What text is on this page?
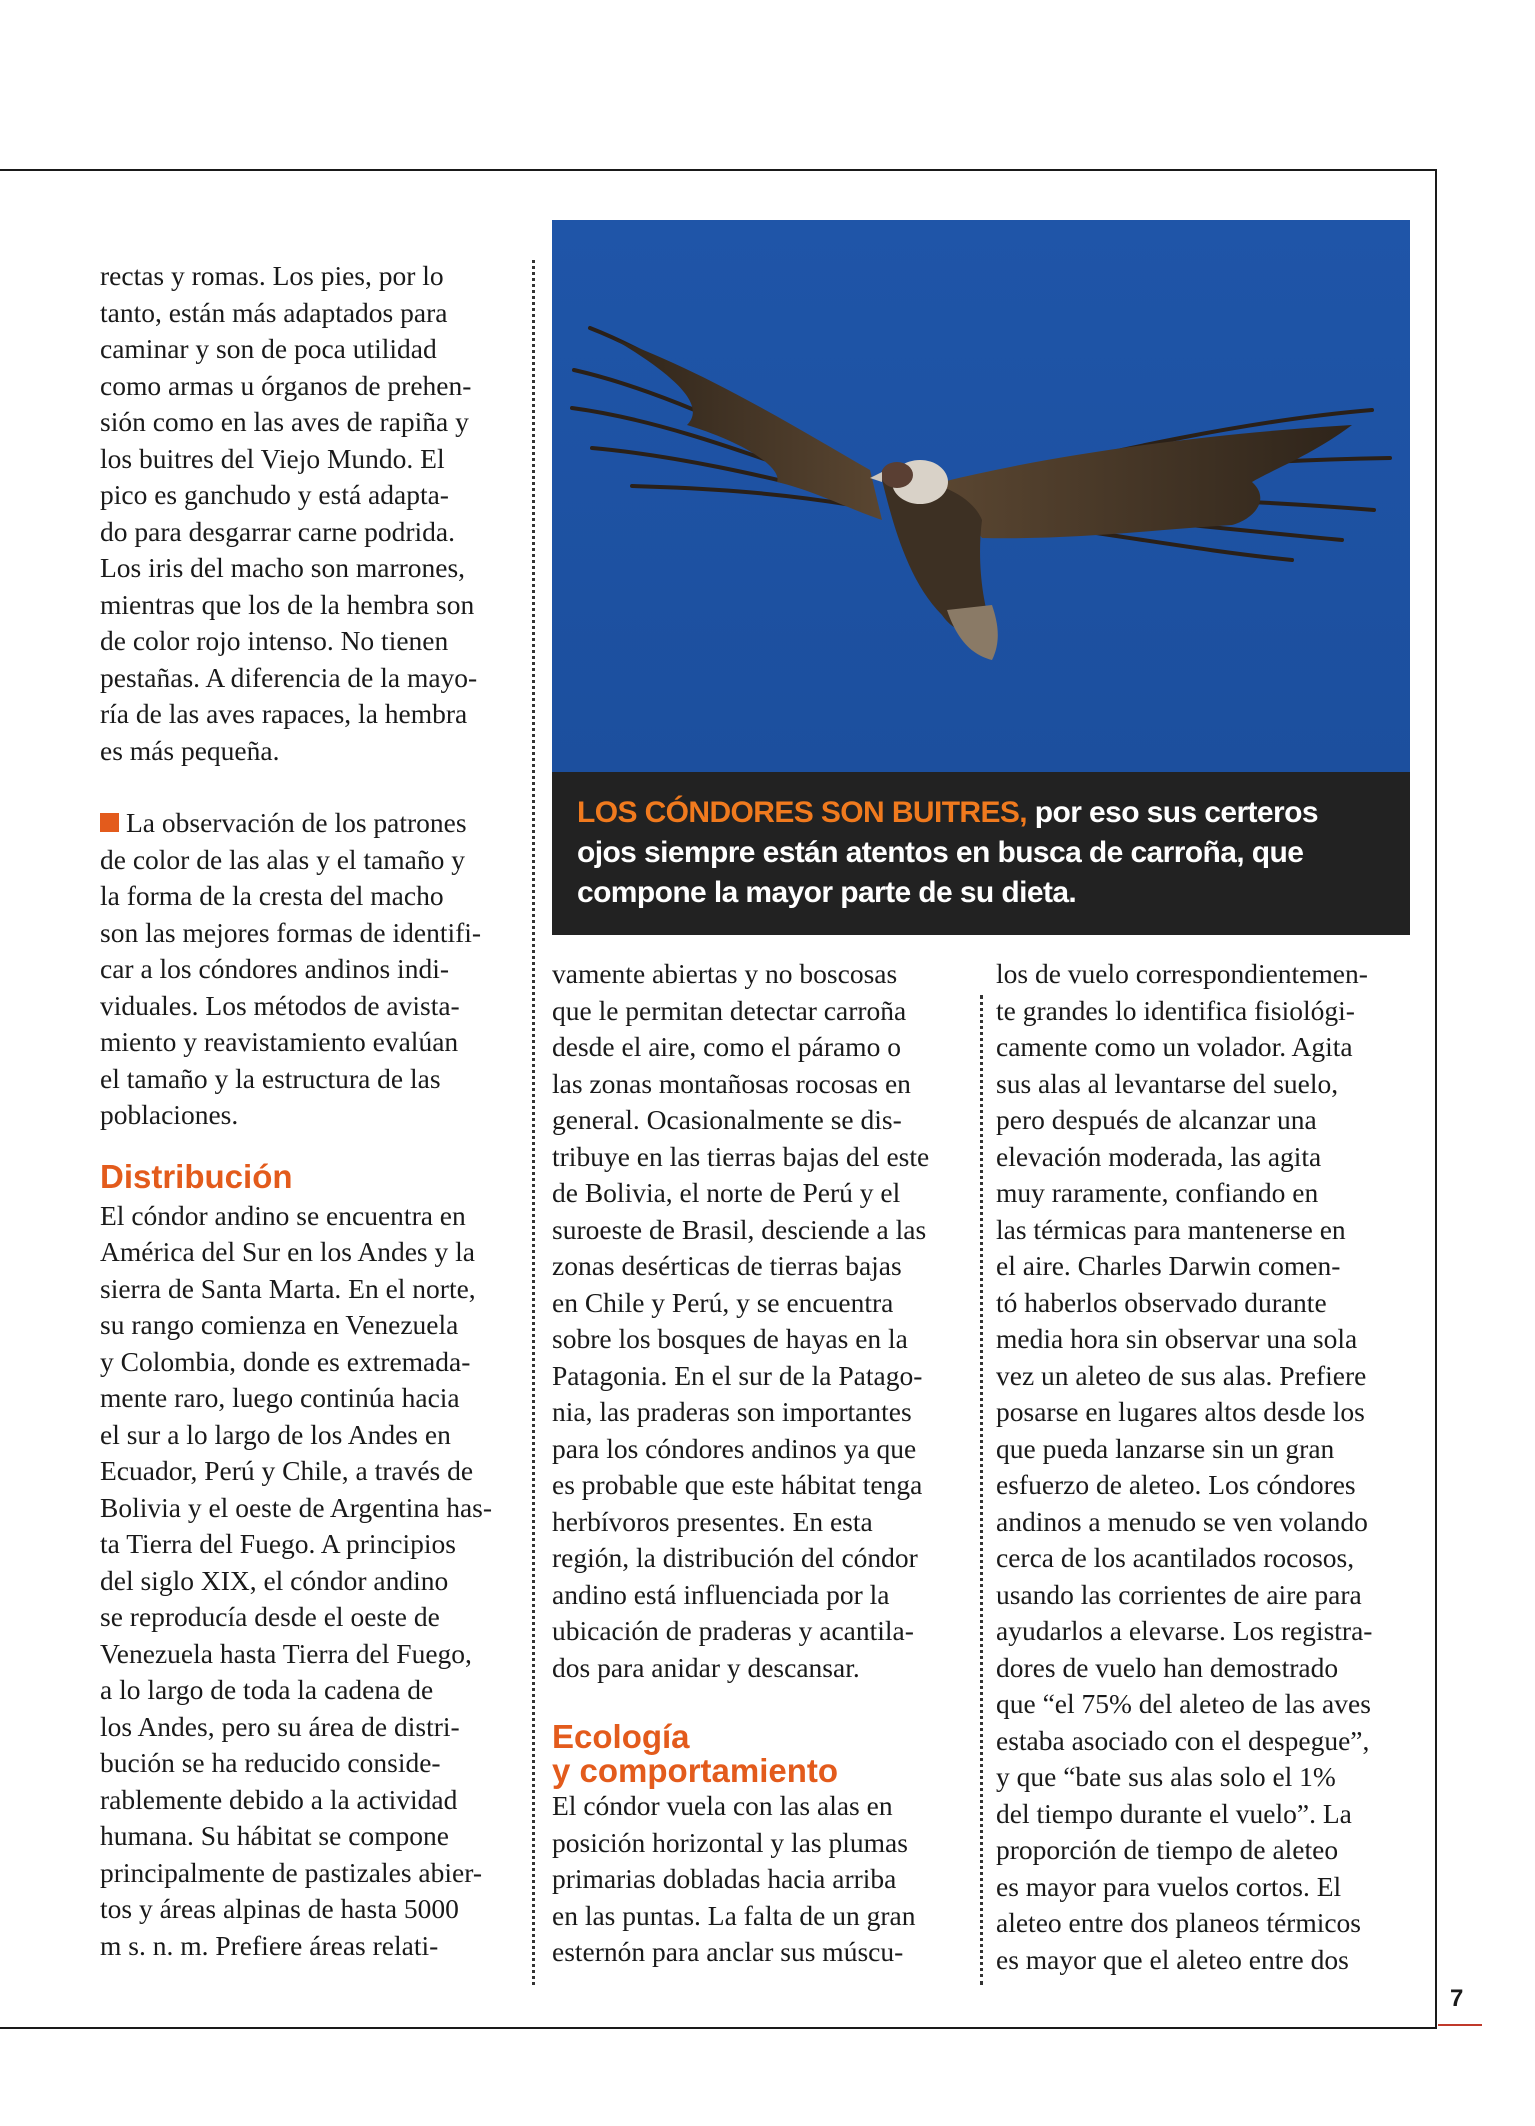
7
rectas y romas. Los pies, por lo
tanto, están más adaptados para
caminar y son de poca utilidad
como armas u órganos de prehen-
sión como en las aves de rapiña y
los buitres del Viejo Mundo. El
pico es ganchudo y está adapta-
do para desgarrar carne podrida.
Los iris del macho son marrones,
mientras que los de la hembra son
de color rojo intenso. No tienen
pestañas. A diferencia de la mayo-
ría de las aves rapaces, la hembra
es más pequeña.
La observación de los patrones
de color de las alas y el tamaño y
la forma de la cresta del macho
son las mejores formas de identifi-
car a los cóndores andinos indi-
viduales. Los métodos de avista-
miento y reavistamiento evalúan
el tamaño y la estructura de las
poblaciones.
Distribución
El cóndor andino se encuentra en
América del Sur en los Andes y la
sierra de Santa Marta. En el norte,
su rango comienza en Venezuela
y Colombia, donde es extremada-
mente raro, luego continúa hacia
el sur a lo largo de los Andes en
Ecuador, Perú y Chile, a través de
Bolivia y el oeste de Argentina has-
ta Tierra del Fuego. A principios
del siglo XIX, el cóndor andino
se reproducía desde el oeste de
Venezuela hasta Tierra del Fuego,
a lo largo de toda la cadena de
los Andes, pero su área de distri-
bución se ha reducido conside-
rablemente debido a la actividad
humana. Su hábitat se compone
principalmente de pastizales abier-
tos y áreas alpinas de hasta 5000
m s. n. m. Prefiere áreas relati-

LOS CÓNDORES SON BUITRES, por eso sus certeros

ojos siempre están atentos en busca de carroña, que

compone la mayor parte de su dieta.

vamente abiertas y no boscosas
que le permitan detectar carroña
desde el aire, como el páramo o
las zonas montañosas rocosas en
general. Ocasionalmente se dis-
tribuye en las tierras bajas del este
de Bolivia, el norte de Perú y el
suroeste de Brasil, desciende a las
zonas desérticas de tierras bajas
en Chile y Perú, y se encuentra
sobre los bosques de hayas en la
Patagonia. En el sur de la Patago-
nia, las praderas son importantes
para los cóndores andinos ya que
es probable que este hábitat tenga
herbívoros presentes. En esta
región, la distribución del cóndor
andino está influenciada por la
ubicación de praderas y acantila-
dos para anidar y descansar.
Ecología
y comportamiento
El cóndor vuela con las alas en
posición horizontal y las plumas
primarias dobladas hacia arriba
en las puntas. La falta de un gran
esternón para anclar sus múscu-
los de vuelo correspondientemen-
te grandes lo identifica fisiológi-
camente como un volador. Agita
sus alas al levantarse del suelo,
pero después de alcanzar una
elevación moderada, las agita
muy raramente, confiando en
las térmicas para mantenerse en
el aire. Charles Darwin comen-
tó haberlos observado durante
media hora sin observar una sola
vez un aleteo de sus alas. Prefiere
posarse en lugares altos desde los
que pueda lanzarse sin un gran
esfuerzo de aleteo. Los cóndores
andinos a menudo se ven volando
cerca de los acantilados rocosos,
usando las corrientes de aire para
ayudarlos a elevarse. Los registra-
dores de vuelo han demostrado
que “el 75% del aleteo de las aves
estaba asociado con el despegue”,
y que “bate sus alas solo el 1%
del tiempo durante el vuelo”. La
proporción de tiempo de aleteo
es mayor para vuelos cortos. El
aleteo entre dos planeos térmicos
es mayor que el aleteo entre dos
